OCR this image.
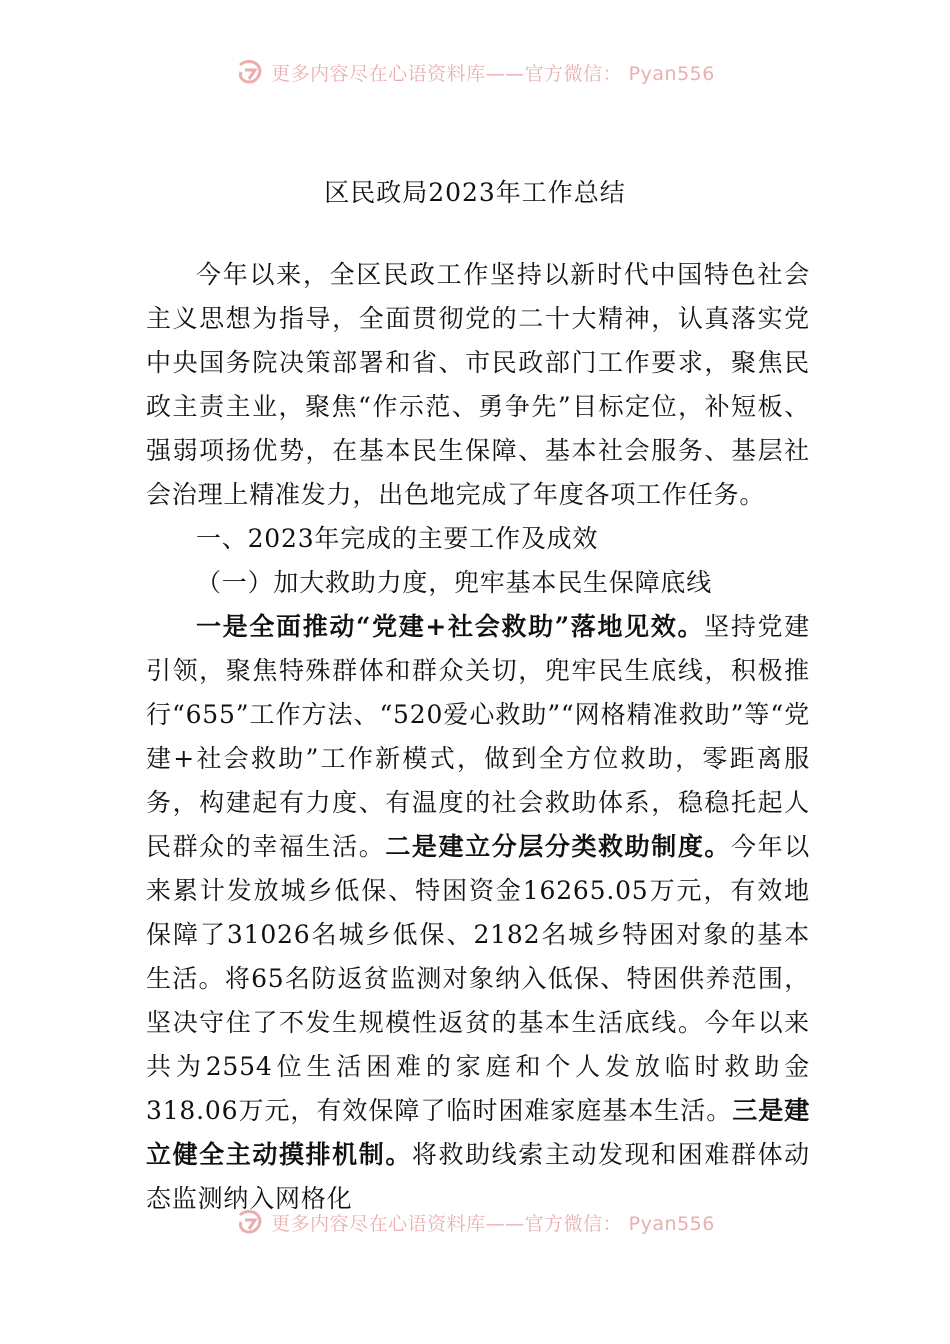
更多内容尽在心语资料库——官方微信： Pyan556
区民政局2023年工作总结

今年以来，全区民政工作坚持以新时代中国特色社会主义思想为指导，全面贯彻党的二十大精神，认真落实党中央国务院决策部署和省、市民政部门工作要求，聚焦民政主责主业，聚焦“作示范、勇争先”目标定位，补短板、强弱项扬优势，在基本民生保障、基本社会服务、基层社会治理上精准发力，出色地完成了年度各项工作任务。

一、2023年完成的主要工作及成效

（一）加大救助力度，兜牢基本民生保障底线

一是全面推动“党建+社会救助”落地见效。坚持党建引领，聚焦特殊群体和群众关切，兜牢民生底线，积极推行“655”工作方法、“520爱心救助”“网格精准救助”等“党建+社会救助”工作新模式，做到全方位救助，零距离服务，构建起有力度、有温度的社会救助体系，稳稳托起人民群众的幸福生活。二是建立分层分类救助制度。今年以来累计发放城乡低保、特困资金16265.05万元，有效地保障了31026名城乡低保、2182名城乡特困对象的基本生活。将65名防返贫监测对象纳入低保、特困供养范围，坚决守住了不发生规模性返贫的基本生活底线。今年以来共为2554位生活困难的家庭和个人发放临时救助金318.06万元，有效保障了临时困难家庭基本生活。三是建立健全主动摸排机制。将救助线索主动发现和困难群体动态监测纳入网格化

更多内容尽在心语资料库——官方微信： Pyan556
